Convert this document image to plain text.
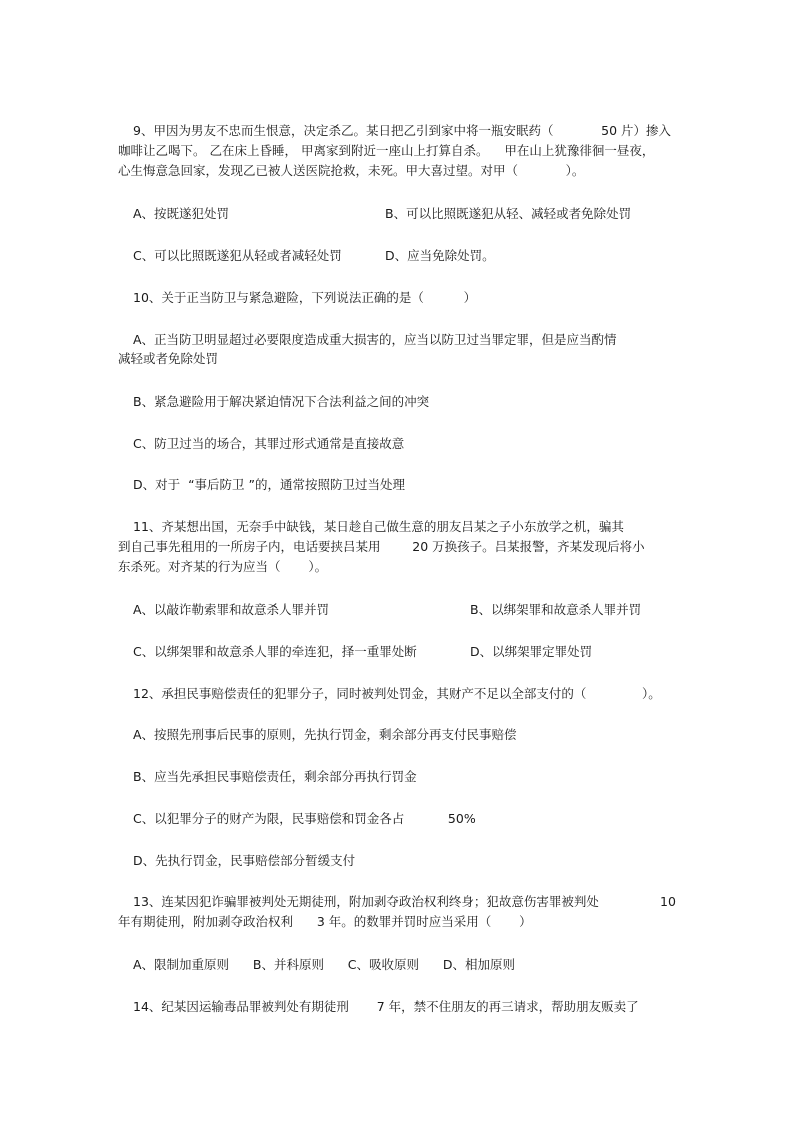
9、甲因为男友不忠而生恨意，决定杀乙。某日把乙引到家中将一瓶安眠药（            50 片）掺入
咖啡让乙喝下。 乙在床上昏睡， 甲离家到附近一座山上打算自杀。    甲在山上犹豫徘徊一昼夜，
心生悔意急回家，发现乙已被人送医院抢救，未死。甲大喜过望。对甲（            ）。
A、按既遂犯处罚	B、可以比照既遂犯从轻、减轻或者免除处罚
C、可以比照既遂犯从轻或者减轻处罚	D、应当免除处罚。
10、关于正当防卫与紧急避险，下列说法正确的是（          ）
A、正当防卫明显超过必要限度造成重大损害的，应当以防卫过当罪定罪，但是应当酌情
减轻或者免除处罚
B、紧急避险用于解决紧迫情况下合法利益之间的冲突
C、防卫过当的场合，其罪过形式通常是直接故意
D、对于  “事后防卫 ”的，通常按照防卫过当处理
11、齐某想出国，无奈手中缺钱，某日趁自己做生意的朋友吕某之子小东放学之机，骗其
到自己事先租用的一所房子内，电话要挟吕某用        20 万换孩子。吕某报警，齐某发现后将小
东杀死。对齐某的行为应当（       ）。
A、以敲诈勒索罪和故意杀人罪并罚	B、以绑架罪和故意杀人罪并罚
C、以绑架罪和故意杀人罪的牵连犯，择一重罪处断	D、以绑架罪定罪处罚
12、承担民事赔偿责任的犯罪分子，同时被判处罚金，其财产不足以全部支付的（              ）。
A、按照先刑事后民事的原则，先执行罚金，剩余部分再支付民事赔偿
B、应当先承担民事赔偿责任，剩余部分再执行罚金
C、以犯罪分子的财产为限，民事赔偿和罚金各占           50%
D、先执行罚金，民事赔偿部分暂缓支付
13、连某因犯诈骗罪被判处无期徒刑，附加剥夺政治权利终身；犯故意伤害罪被判处	10
年有期徒刑，附加剥夺政治权利      3 年。的数罪并罚时应当采用（       ）
A、限制加重原则      B、并科原则      C、吸收原则      D、相加原则
14、纪某因运输毒品罪被判处有期徒刑       7 年，禁不住朋友的再三请求，帮助朋友贩卖了
